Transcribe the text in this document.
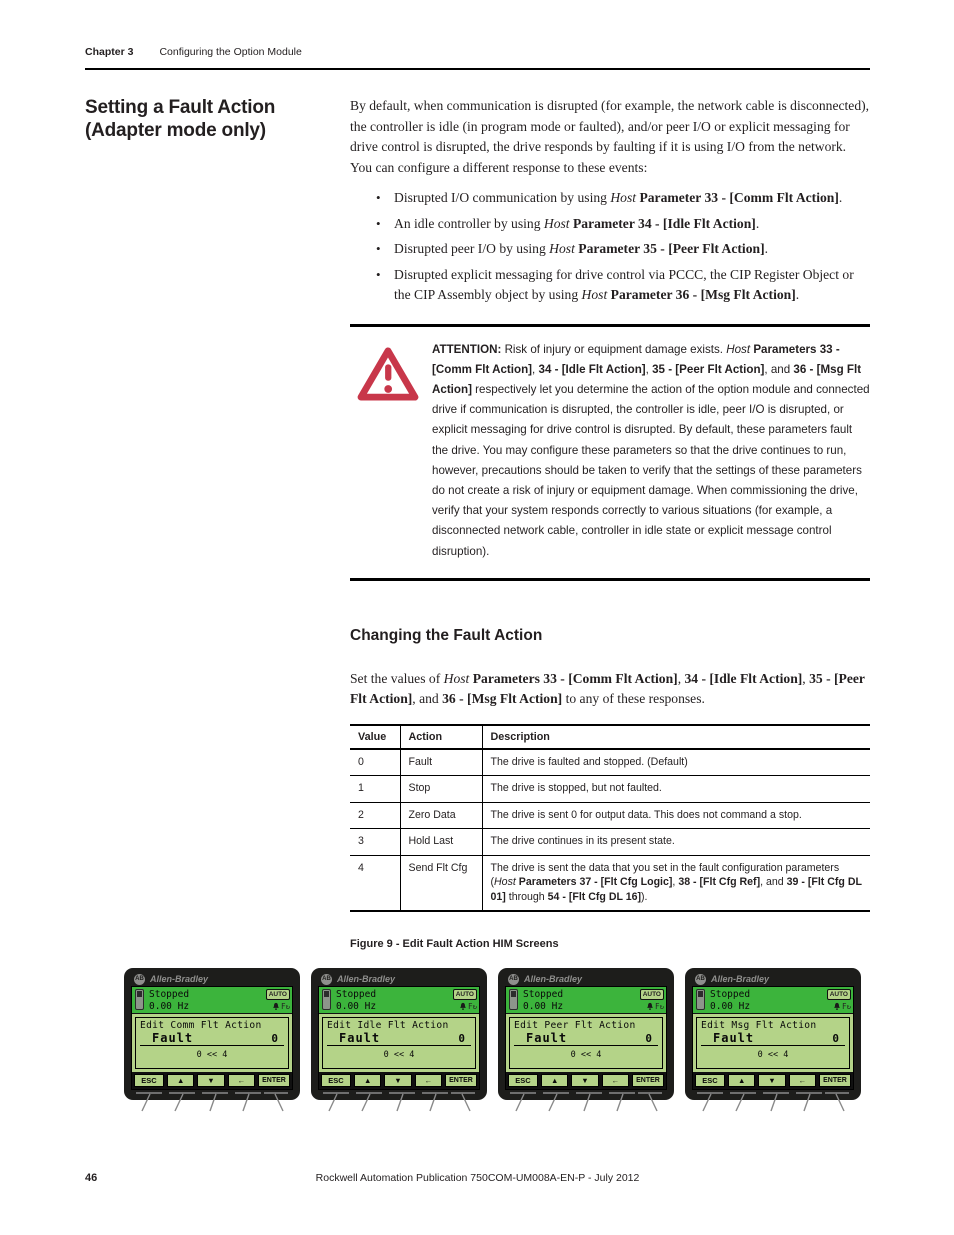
Chapter 3 Configuring the Option Module
Setting a Fault Action
(Adapter mode only)

By default, when communication is disrupted (for example, the network cable is disconnected), the controller is idle (in program mode or faulted), and/or peer I/O or explicit messaging for drive control is disrupted, the drive responds by faulting if it is using I/O from the network. You can configure a different response to these events:

• Disrupted I/O communication by using Host Parameter 33 - [Comm Flt Action].
• An idle controller by using Host Parameter 34 - [Idle Flt Action].
• Disrupted peer I/O by using Host Parameter 35 - [Peer Flt Action].
• Disrupted explicit messaging for drive control via PCCC, the CIP Register Object or the CIP Assembly object by using Host Parameter 36 - [Msg Flt Action].
ATTENTION: Risk of injury or equipment damage exists. Host Parameters 33 - [Comm Flt Action], 34 - [Idle Flt Action], 35 - [Peer Flt Action], and 36 - [Msg Flt Action] respectively let you determine the action of the option module and connected drive if communication is disrupted, the controller is idle, peer I/O is disrupted, or explicit messaging for drive control is disrupted. By default, these parameters fault the drive. You may configure these parameters so that the drive continues to run, however, precautions should be taken to verify that the settings of these parameters do not create a risk of injury or equipment damage. When commissioning the drive, verify that your system responds correctly to various situations (for example, a disconnected network cable, controller in idle state or explicit message control disruption).
Changing the Fault Action

Set the values of Host Parameters 33 - [Comm Flt Action], 34 - [Idle Flt Action], 35 - [Peer Flt Action], and 36 - [Msg Flt Action] to any of these responses.

Value	Action	Description
0	Fault	The drive is faulted and stopped. (Default)
1	Stop	The drive is stopped, but not faulted.
2	Zero Data	The drive is sent 0 for output data. This does not command a stop.
3	Hold Last	The drive continues in its present state.
4	Send Flt Cfg	The drive is sent the data that you set in the fault configuration parameters (Host Parameters 37 - [Flt Cfg Logic], 38 - [Flt Cfg Ref], and 39 - [Flt Cfg DL 01] through 54 - [Flt Cfg DL 16]).
Figure 9 - Edit Fault Action HIM Screens
AB Allen-Bradley
Stopped
0.00 Hz
AUTO
F↻
Edit Comm Flt Action
Fault	0
0 << 4
ESC	▲	▼	←	ENTER
AB Allen-Bradley
Stopped
0.00 Hz
AUTO
F↻
Edit Idle Flt Action
Fault	0
0 << 4
ESC	▲	▼	←	ENTER
AB Allen-Bradley
Stopped
0.00 Hz
AUTO
F↻
Edit Peer Flt Action
Fault	0
0 << 4
ESC	▲	▼	←	ENTER
AB Allen-Bradley
Stopped
0.00 Hz
AUTO
F↻
Edit Msg Flt Action
Fault	0
0 << 4
ESC	▲	▼	←	ENTER
46	Rockwell Automation Publication 750COM-UM008A-EN-P - July 2012
